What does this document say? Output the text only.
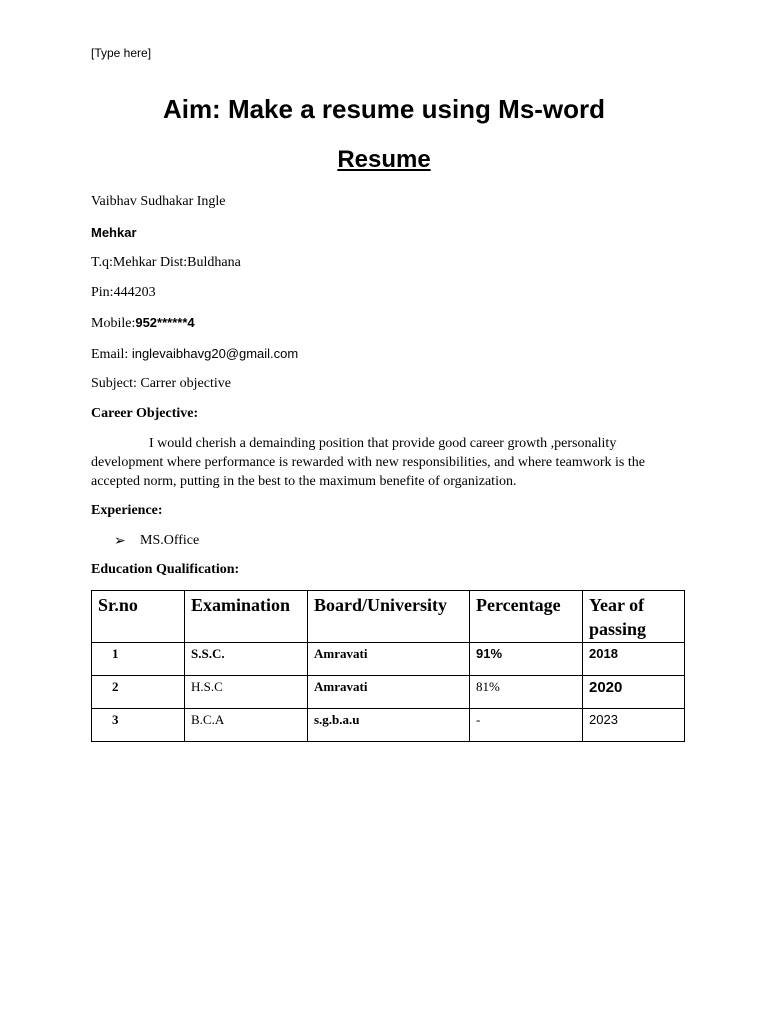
[Type here]
Aim: Make a resume using Ms-word
Resume
Vaibhav Sudhakar Ingle
Mehkar
T.q:Mehkar Dist:Buldhana
Pin:444203
Mobile:952******4
Email: inglevaibhavg20@gmail.com
Subject: Carrer objective
Career Objective:
I would cherish a demainding position that provide good career growth ,personality development where performance is rewarded with new responsibilities, and where teamwork is the accepted norm, putting in the best to the maximum benefite of organization.
Experience:
➢ MS.Office
Education Qualification:
Sr.no	Examination	Board/University	Percentage	Year of passing
1	S.S.C.	Amravati	91%	2018
2	H.S.C	Amravati	81%	2020
3	B.C.A	s.g.b.a.u	-	2023
